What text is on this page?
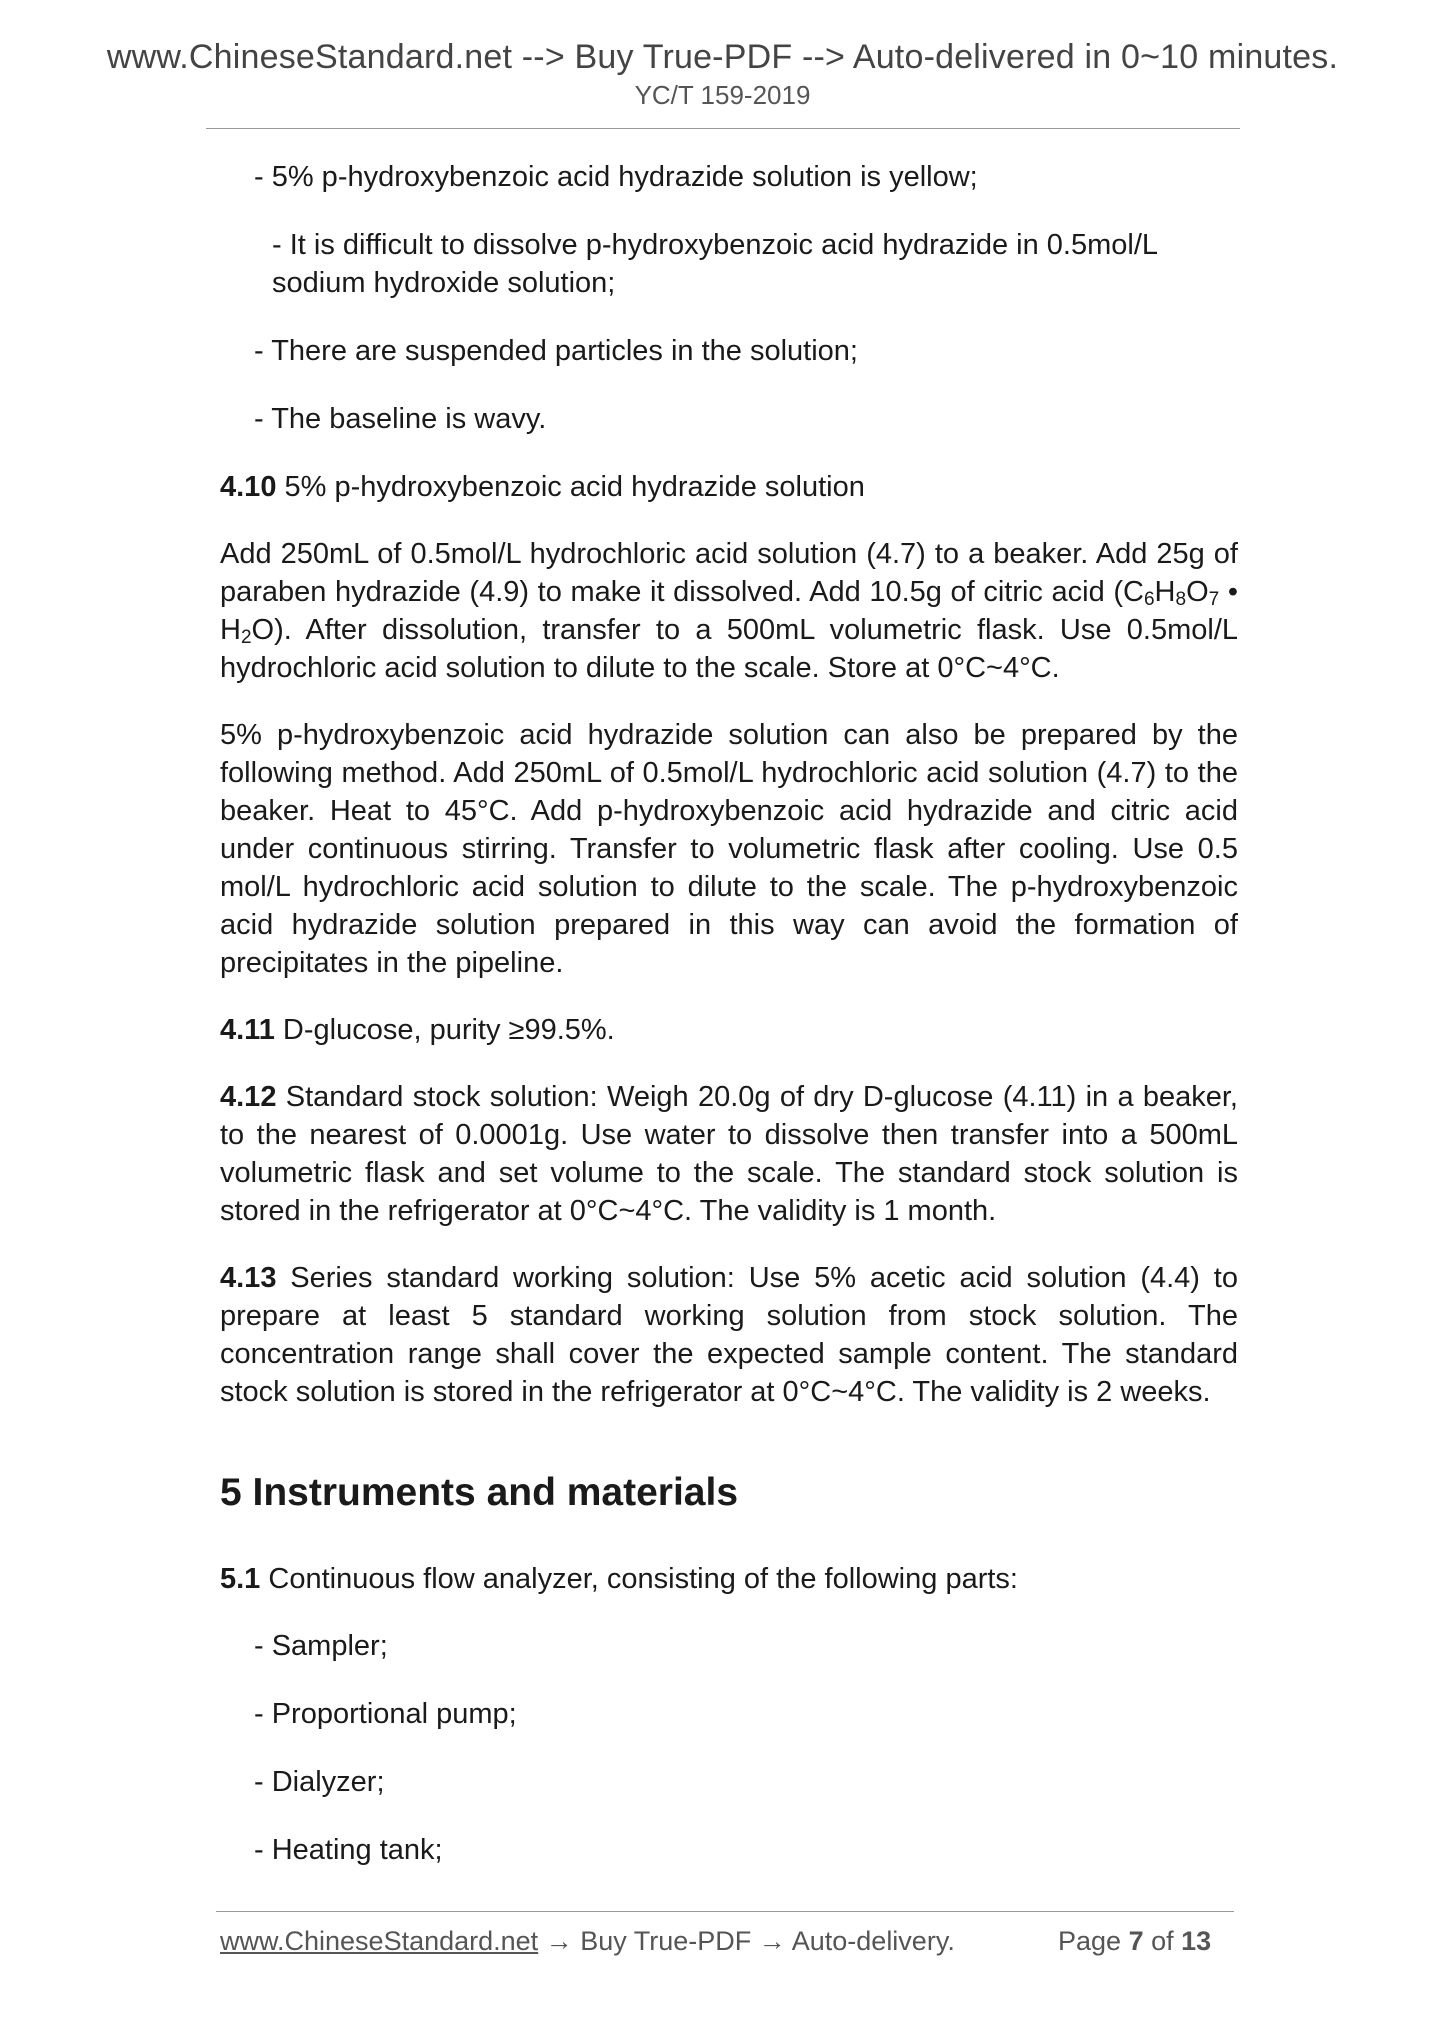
www.ChineseStandard.net --> Buy True-PDF --> Auto-delivered in 0~10 minutes.
YC/T 159-2019

- 5% p-hydroxybenzoic acid hydrazide solution is yellow;

- It is difficult to dissolve p-hydroxybenzoic acid hydrazide in 0.5mol/L sodium hydroxide solution;

- There are suspended particles in the solution;

- The baseline is wavy.

4.10 5% p-hydroxybenzoic acid hydrazide solution

Add 250mL of 0.5mol/L hydrochloric acid solution (4.7) to a beaker. Add 25g of paraben hydrazide (4.9) to make it dissolved. Add 10.5g of citric acid ($C_6H_8O_7$ • $H_2O$). After dissolution, transfer to a 500mL volumetric flask. Use 0.5mol/L hydrochloric acid solution to dilute to the scale. Store at 0°C~4°C.

5% p-hydroxybenzoic acid hydrazide solution can also be prepared by the following method. Add 250mL of 0.5mol/L hydrochloric acid solution (4.7) to the beaker. Heat to 45°C. Add p-hydroxybenzoic acid hydrazide and citric acid under continuous stirring. Transfer to volumetric flask after cooling. Use 0.5 mol/L hydrochloric acid solution to dilute to the scale. The p-hydroxybenzoic acid hydrazide solution prepared in this way can avoid the formation of precipitates in the pipeline.

4.11 D-glucose, purity ≥99.5%.

4.12 Standard stock solution: Weigh 20.0g of dry D-glucose (4.11) in a beaker, to the nearest of 0.0001g. Use water to dissolve then transfer into a 500mL volumetric flask and set volume to the scale. The standard stock solution is stored in the refrigerator at 0°C~4°C. The validity is 1 month.

4.13 Series standard working solution: Use 5% acetic acid solution (4.4) to prepare at least 5 standard working solution from stock solution. The concentration range shall cover the expected sample content. The standard stock solution is stored in the refrigerator at 0°C~4°C. The validity is 2 weeks.

5 Instruments and materials

5.1 Continuous flow analyzer, consisting of the following parts:

- Sampler;

- Proportional pump;

- Dialyzer;

- Heating tank;

www.ChineseStandard.net → Buy True-PDF → Auto-delivery.	Page 7 of 13
